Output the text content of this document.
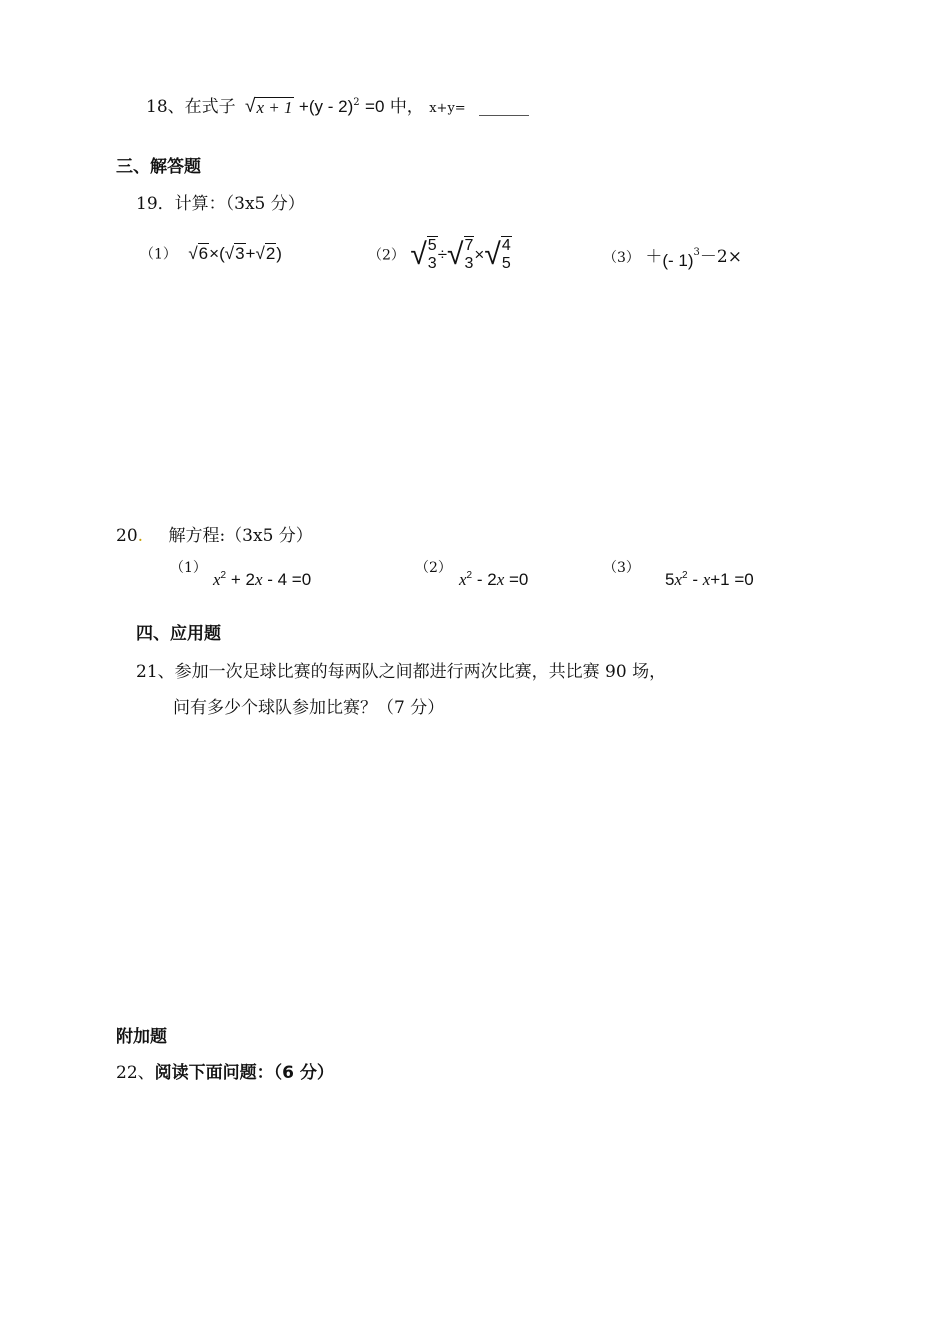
18、在式子 √ x + 1 +(y - 2)$^2$ =0 中， x+y=
三、解答题
19．计算：（3x5 分）
（1） √ 6 ×(√ 3 +√ 2 )	（2） √ 5
3 ÷ √ 7
3 × √ 4
5	（3） ＋(- 1)$^3$－2×
20. 解方程:（3x5 分）
（1）
$x^2 + 2x - 4 =0$
（2）
$x^2 - 2x =0$
（3）
$5x^2 - x+1 =0$
四、应用题
21、参加一次足球比赛的每两队之间都进行两次比赛，共比赛 90 场，
问有多少个球队参加比赛？（7 分）
附加题
22、阅读下面问题：（6 分）
